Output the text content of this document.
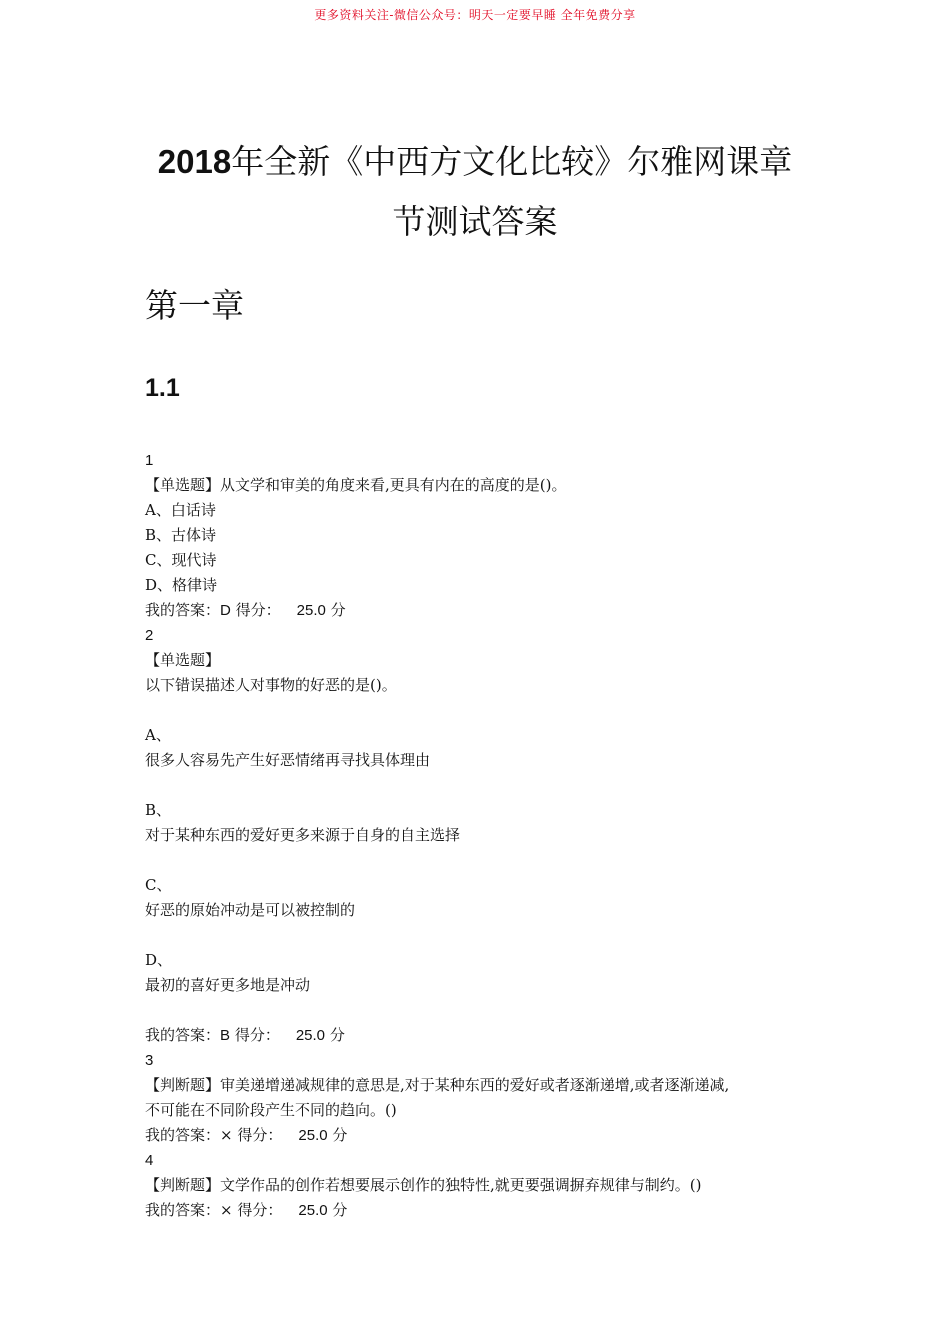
更多资料关注-微信公众号：明天一定要早睡 全年免费分享
2018年全新《中西方文化比较》尔雅网课章
节测试答案
第一章
1.1
1
【单选题】从文学和审美的角度来看,更具有内在的高度的是()。
A、白话诗
B、古体诗
C、现代诗
D、格律诗
我的答案：D 得分： 25.0 分
2
【单选题】
以下错误描述人对事物的好恶的是()。
A、
很多人容易先产生好恶情绪再寻找具体理由
B、
对于某种东西的爱好更多来源于自身的自主选择
C、
好恶的原始冲动是可以被控制的
D、
最初的喜好更多地是冲动
我的答案：B 得分： 25.0 分
3
【判断题】审美递增递减规律的意思是,对于某种东西的爱好或者逐渐递增,或者逐渐递减,
不可能在不同阶段产生不同的趋向。()
我的答案：× 得分： 25.0 分
4
【判断题】文学作品的创作若想要展示创作的独特性,就更要强调摒弃规律与制约。()
我的答案：× 得分： 25.0 分
